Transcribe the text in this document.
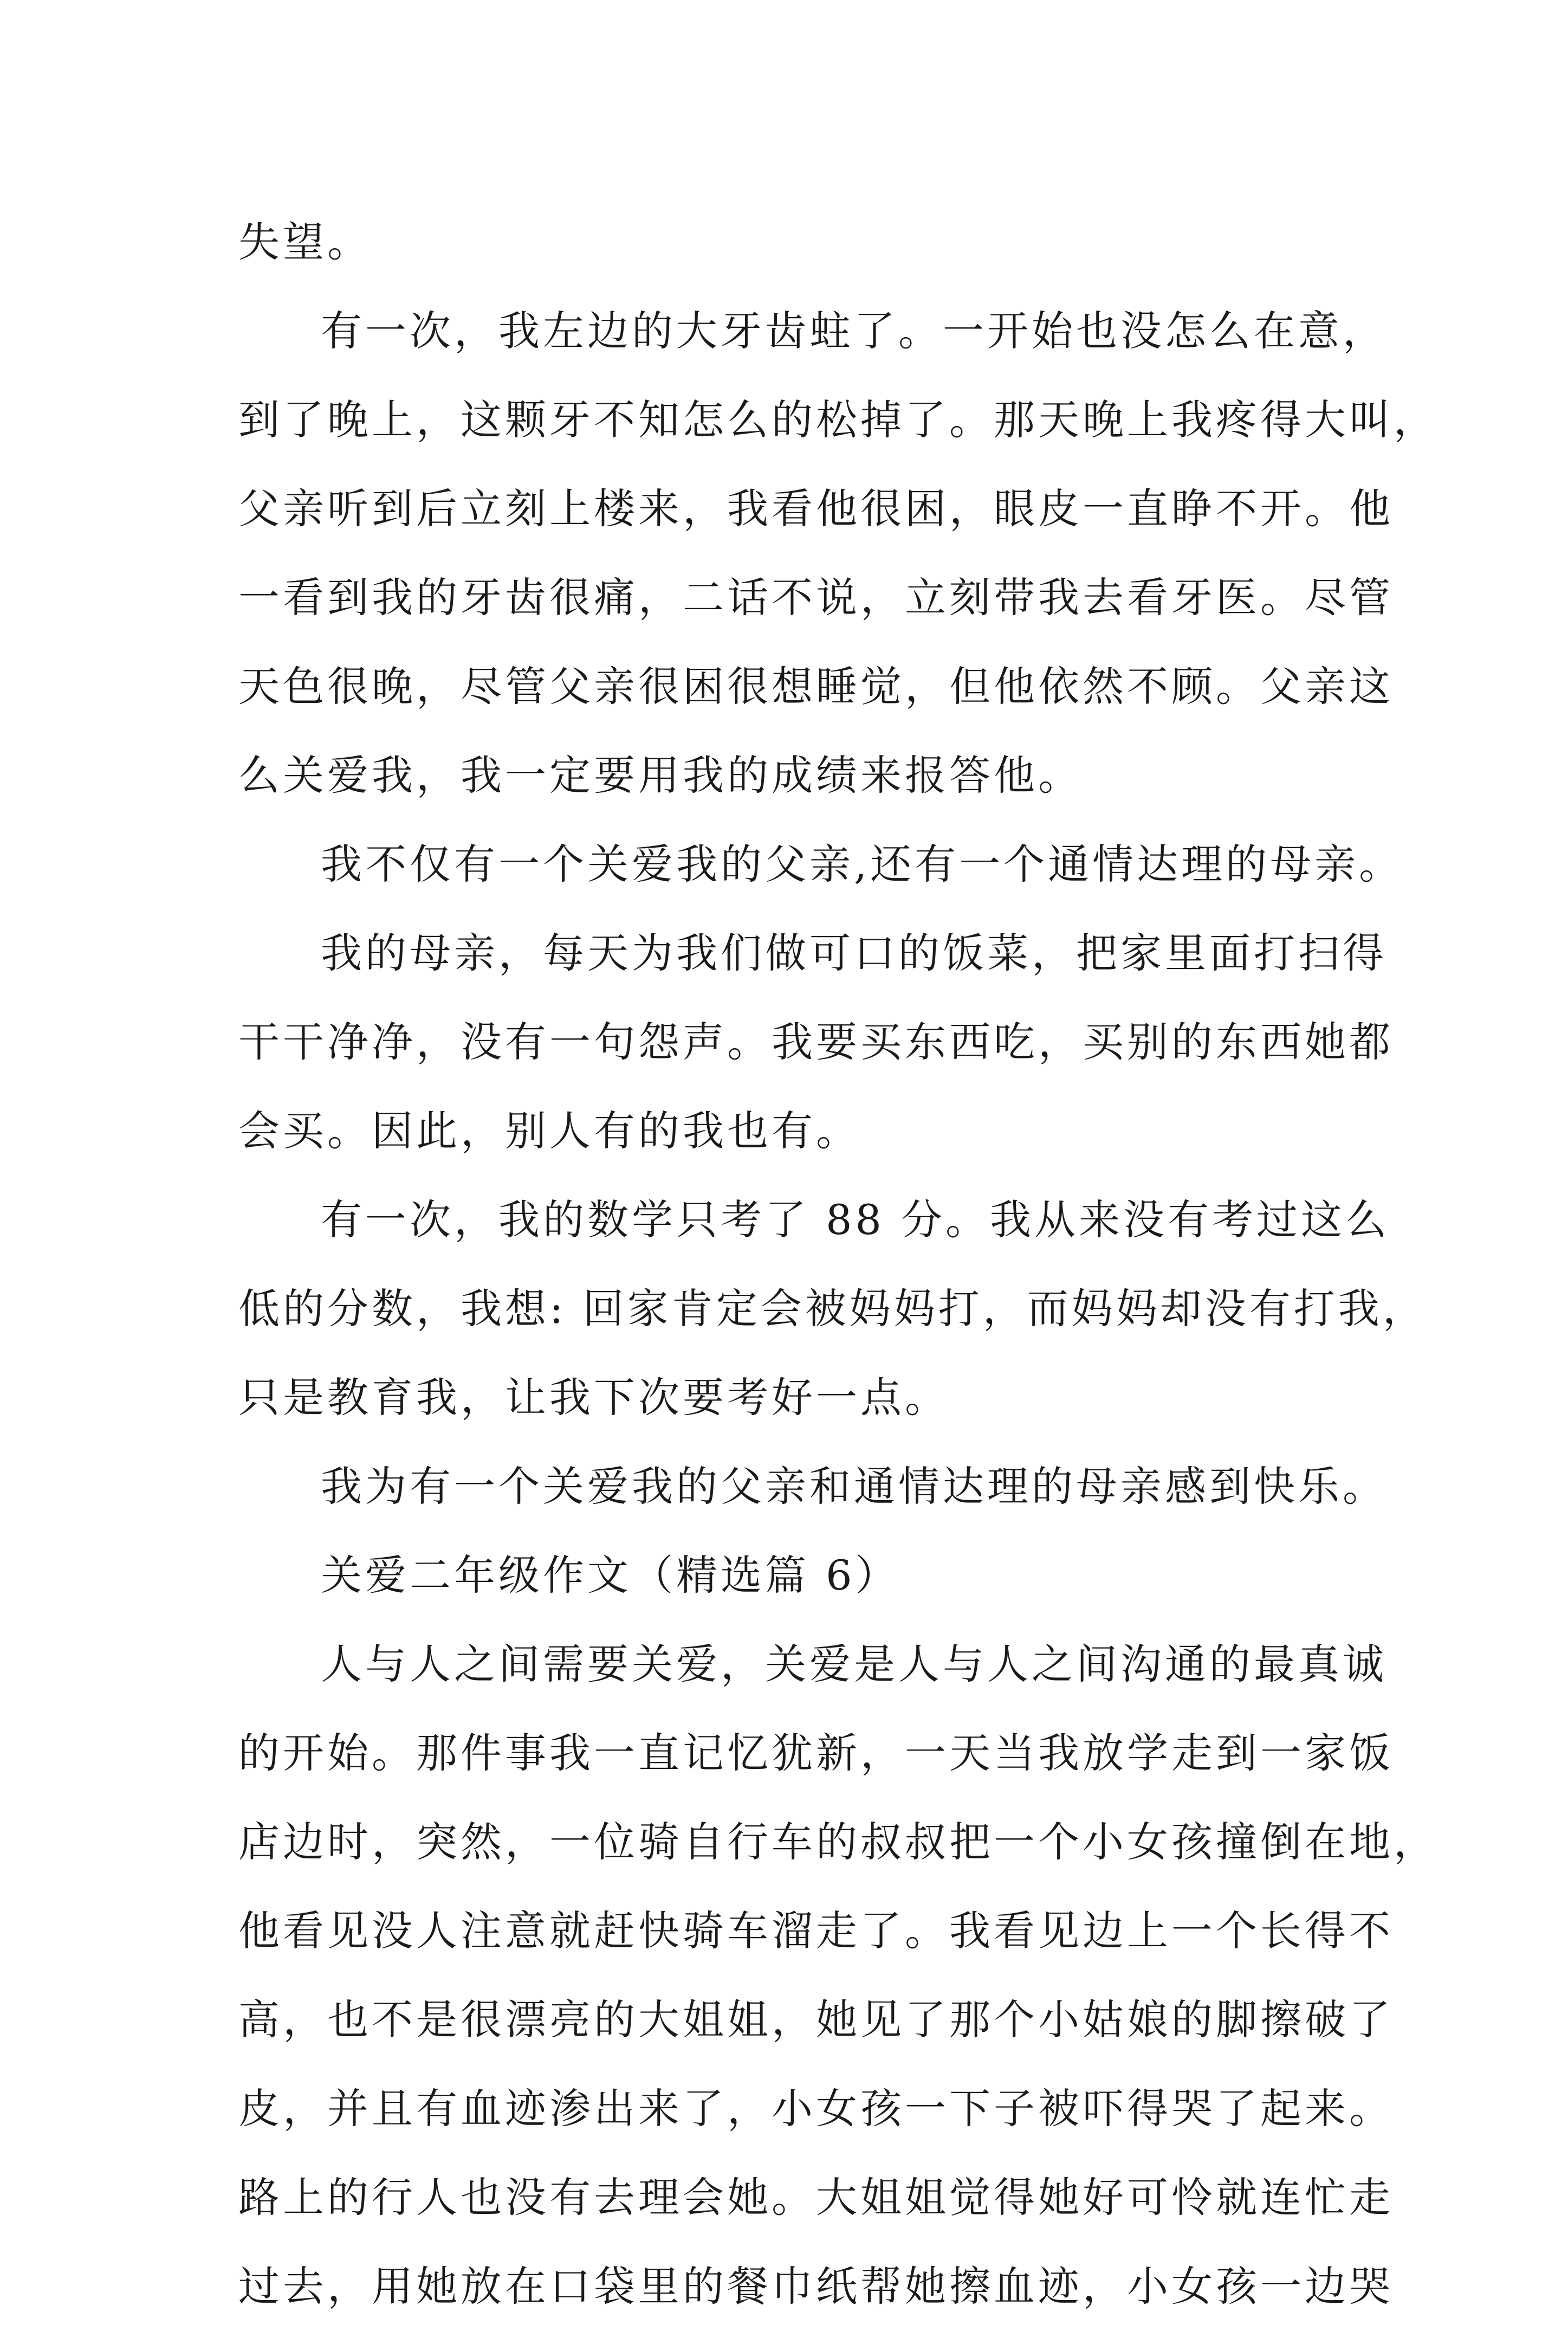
失望。
有一次，我左边的大牙齿蛀了。一开始也没怎么在意，
到了晚上，这颗牙不知怎么的松掉了。那天晚上我疼得大叫，
父亲听到后立刻上楼来，我看他很困，眼皮一直睁不开。他
一看到我的牙齿很痛，二话不说，立刻带我去看牙医。尽管
天色很晚，尽管父亲很困很想睡觉，但他依然不顾。父亲这
么关爱我，我一定要用我的成绩来报答他。
我不仅有一个关爱我的父亲,还有一个通情达理的母亲。
我的母亲，每天为我们做可口的饭菜，把家里面打扫得
干干净净，没有一句怨声。我要买东西吃，买别的东西她都
会买。因此，别人有的我也有。
有一次，我的数学只考了 88 分。我从来没有考过这么
低的分数，我想: 回家肯定会被妈妈打，而妈妈却没有打我，
只是教育我，让我下次要考好一点。
我为有一个关爱我的父亲和通情达理的母亲感到快乐。
关爱二年级作文（精选篇 6）
人与人之间需要关爱，关爱是人与人之间沟通的最真诚
的开始。那件事我一直记忆犹新，一天当我放学走到一家饭
店边时，突然，一位骑自行车的叔叔把一个小女孩撞倒在地，
他看见没人注意就赶快骑车溜走了。我看见边上一个长得不
高，也不是很漂亮的大姐姐，她见了那个小姑娘的脚擦破了
皮，并且有血迹渗出来了，小女孩一下子被吓得哭了起来。
路上的行人也没有去理会她。大姐姐觉得她好可怜就连忙走
过去，用她放在口袋里的餐巾纸帮她擦血迹，小女孩一边哭
